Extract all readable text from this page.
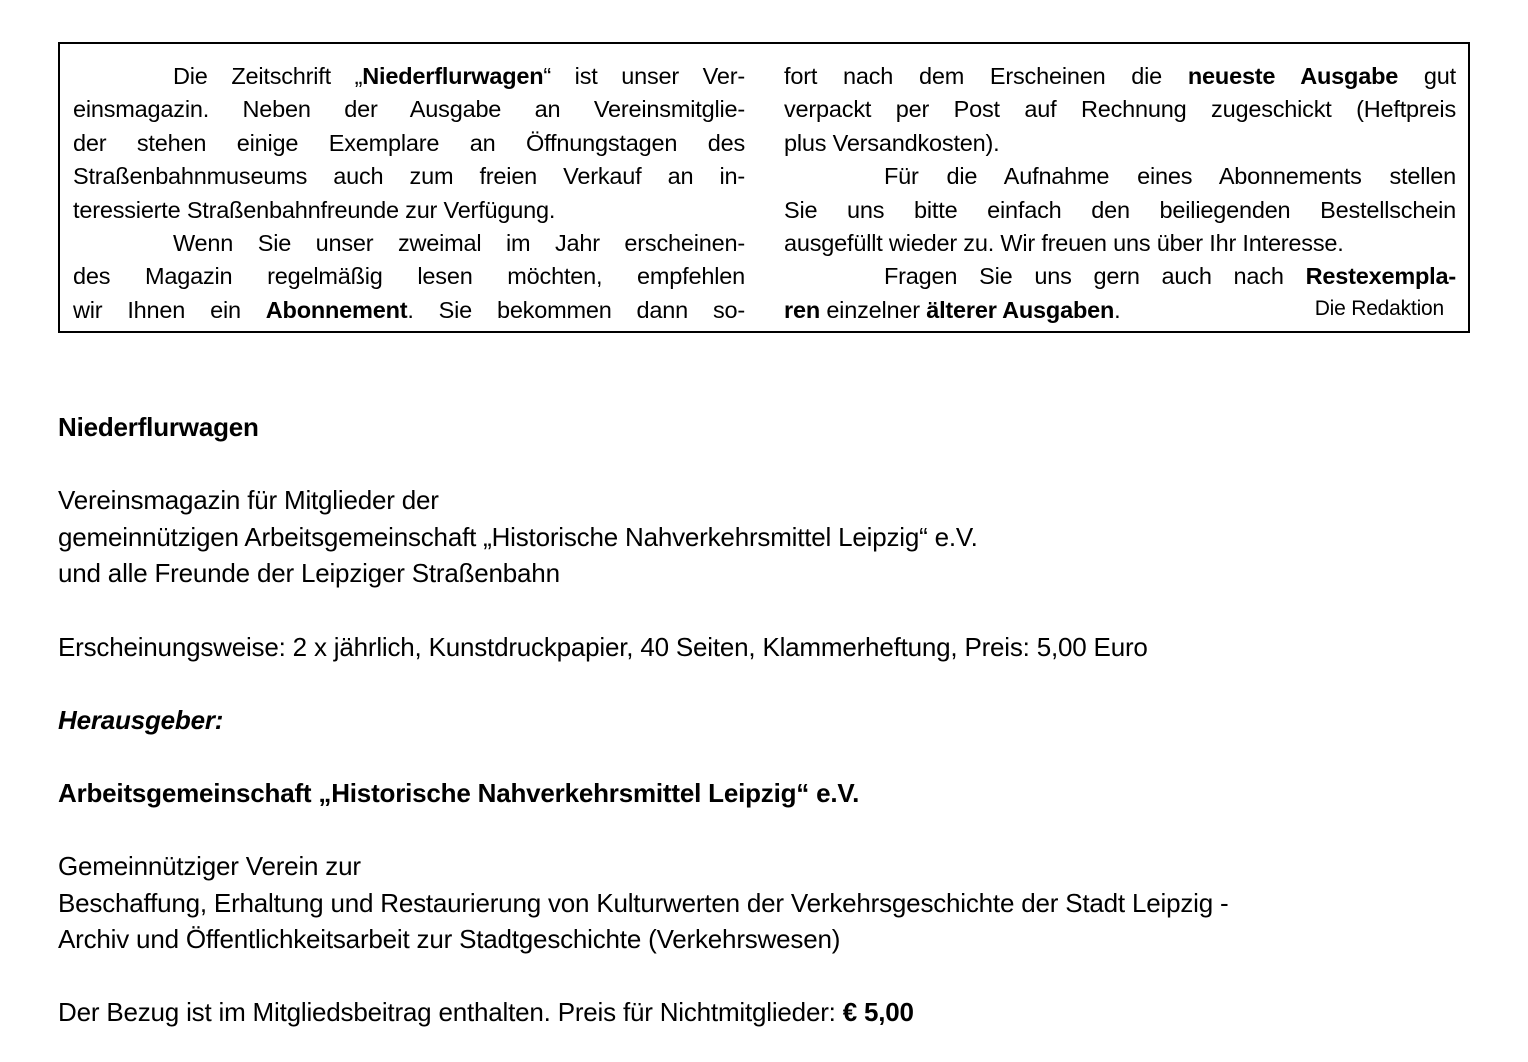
Die Zeitschrift „Niederflurwagen“ ist unser Ver-
einsmagazin. Neben der Ausgabe an Vereinsmitglie-
der stehen einige Exemplare an Öffnungstagen des
Straßenbahnmuseums auch zum freien Verkauf an in-
teressierte Straßenbahnfreunde zur Verfügung.
Wenn Sie unser zweimal im Jahr erscheinen-
des Magazin regelmäßig lesen möchten, empfehlen
wir Ihnen ein Abonnement. Sie bekommen dann so-
fort nach dem Erscheinen die neueste Ausgabe gut
verpackt per Post auf Rechnung zugeschickt (Heftpreis
plus Versandkosten).
Für die Aufnahme eines Abonnements stellen
Sie uns bitte einfach den beiliegenden Bestellschein
ausgefüllt wieder zu. Wir freuen uns über Ihr Interesse.
Fragen Sie uns gern auch nach Restexempla-
ren einzelner älterer Ausgaben.	Die Redaktion
Niederflurwagen
Vereinsmagazin für Mitglieder der
gemeinnützigen Arbeitsgemeinschaft „Historische Nahverkehrsmittel Leipzig“ e.V.
und alle Freunde der Leipziger Straßenbahn
Erscheinungsweise: 2 x jährlich, Kunstdruckpapier, 40 Seiten, Klammerheftung, Preis: 5,00 Euro
Herausgeber:
Arbeitsgemeinschaft „Historische Nahverkehrsmittel Leipzig“ e.V.
Gemeinnütziger Verein zur
Beschaffung, Erhaltung und Restaurierung von Kulturwerten der Verkehrsgeschichte der Stadt Leipzig -
Archiv und Öffentlichkeitsarbeit zur Stadtgeschichte (Verkehrswesen)
Der Bezug ist im Mitgliedsbeitrag enthalten. Preis für Nichtmitglieder: € 5,00
